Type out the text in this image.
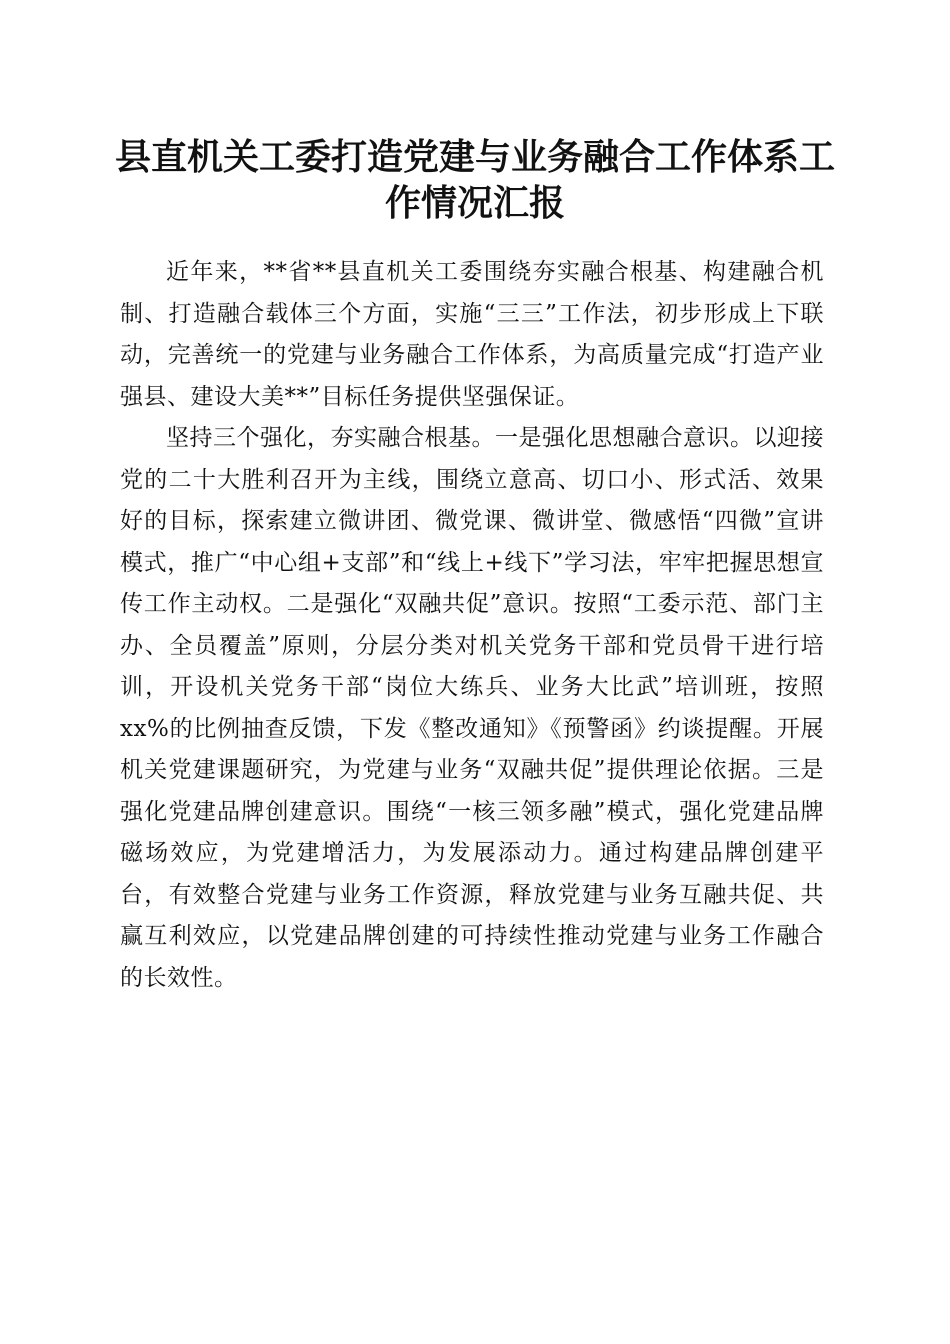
县直机关工委打造党建与业务融合工作体系工作情况汇报

近年来，**省**县直机关工委围绕夯实融合根基、构建融合机制、打造融合载体三个方面，实施“三三”工作法，初步形成上下联动，完善统一的党建与业务融合工作体系，为高质量完成“打造产业强县、建设大美**”目标任务提供坚强保证。

坚持三个强化，夯实融合根基。一是强化思想融合意识。以迎接党的二十大胜利召开为主线，围绕立意高、切口小、形式活、效果好的目标，探索建立微讲团、微党课、微讲堂、微感悟“四微”宣讲模式，推广“中心组+支部”和“线上+线下”学习法，牢牢把握思想宣传工作主动权。二是强化“双融共促”意识。按照“工委示范、部门主办、全员覆盖”原则，分层分类对机关党务干部和党员骨干进行培训，开设机关党务干部“岗位大练兵、业务大比武”培训班，按照xx%的比例抽查反馈，下发《整改通知》《预警函》约谈提醒。开展机关党建课题研究，为党建与业务“双融共促”提供理论依据。三是强化党建品牌创建意识。围绕“一核三领多融”模式，强化党建品牌磁场效应，为党建增活力，为发展添动力。通过构建品牌创建平台，有效整合党建与业务工作资源，释放党建与业务互融共促、共赢互利效应，以党建品牌创建的可持续性推动党建与业务工作融合的长效性。
